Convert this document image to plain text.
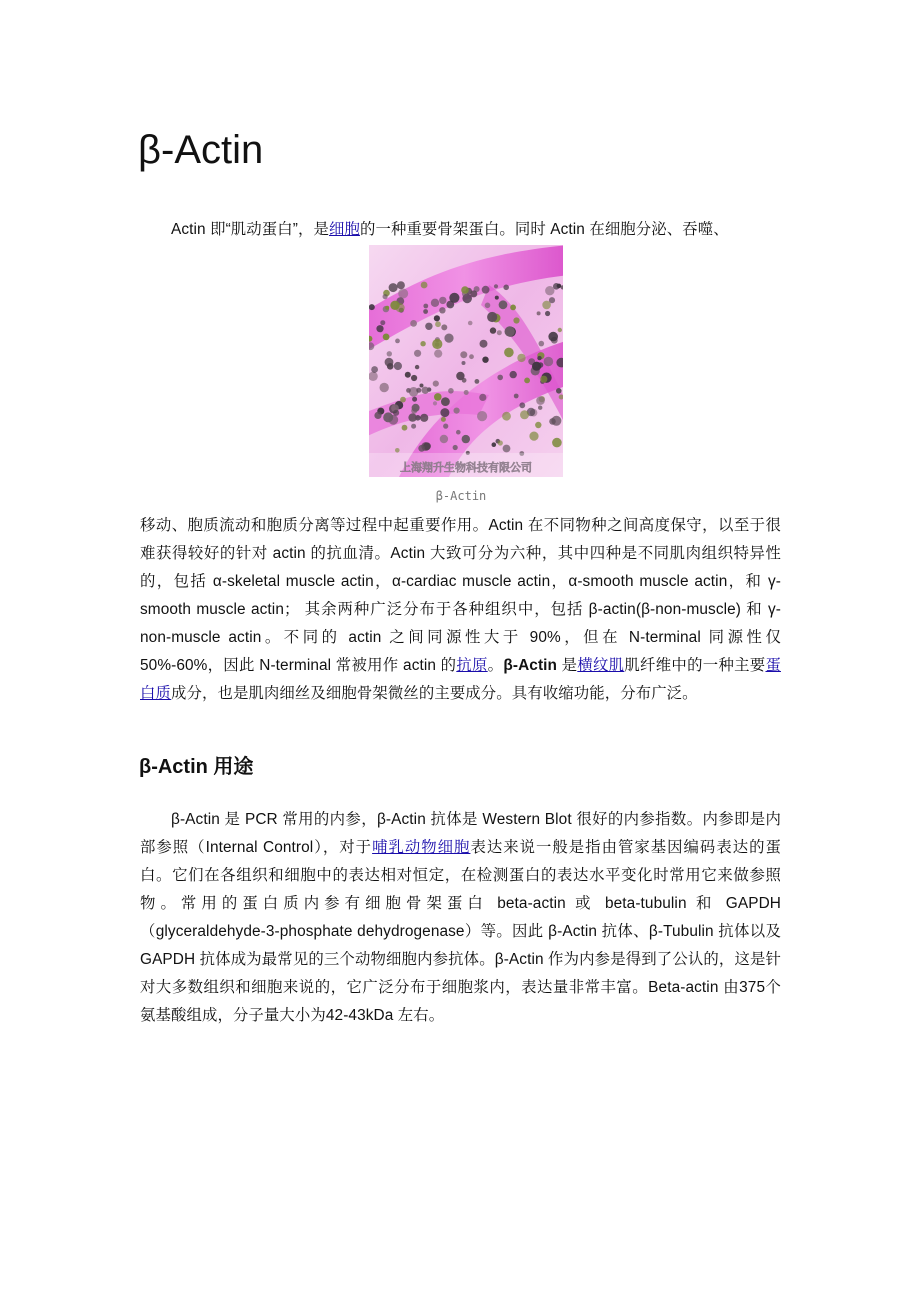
β-Actin

Actin 即“肌动蛋白”，是细胞的一种重要骨架蛋白。同时 Actin 在细胞分泌、吞噬、

上海翔升生物科技有限公司
β-Actin

移动、胞质流动和胞质分离等过程中起重要作用。Actin 在不同物种之间高度保守，以至于很难获得较好的针对 actin 的抗血清。Actin 大致可分为六种，其中四种是不同肌肉组织特异性的，包括 α-skeletal muscle actin，α-cardiac muscle actin，α-smooth muscle actin，和 γ-smooth muscle actin； 其余两种广泛分布于各种组织中，包括 β-actin(β-non-muscle) 和 γ-non-muscle actin。不同的 actin 之间同源性大于 90%，但在 N-terminal 同源性仅 50%-60%，因此 N-terminal 常被用作 actin 的抗原。β-Actin 是横纹肌肌纤维中的一种主要蛋白质成分，也是肌肉细丝及细胞骨架微丝的主要成分。具有收缩功能，分布广泛。

β-Actin 用途

β-Actin 是 PCR 常用的内参，β-Actin 抗体是 Western Blot 很好的内参指数。内参即是内部参照（Internal Control），对于哺乳动物细胞表达来说一般是指由管家基因编码表达的蛋白。它们在各组织和细胞中的表达相对恒定，在检测蛋白的表达水平变化时常用它来做参照物。常用的蛋白质内参有细胞骨架蛋白 beta-actin 或 beta-tubulin 和 GAPDH（glyceraldehyde-3-phosphate dehydrogenase）等。因此 β-Actin 抗体、β-Tubulin 抗体以及 GAPDH 抗体成为最常见的三个动物细胞内参抗体。β-Actin 作为内参是得到了公认的，这是针对大多数组织和细胞来说的，它广泛分布于细胞浆内，表达量非常丰富。Beta-actin 由375个氨基酸组成，分子量大小为42-43kDa 左右。
